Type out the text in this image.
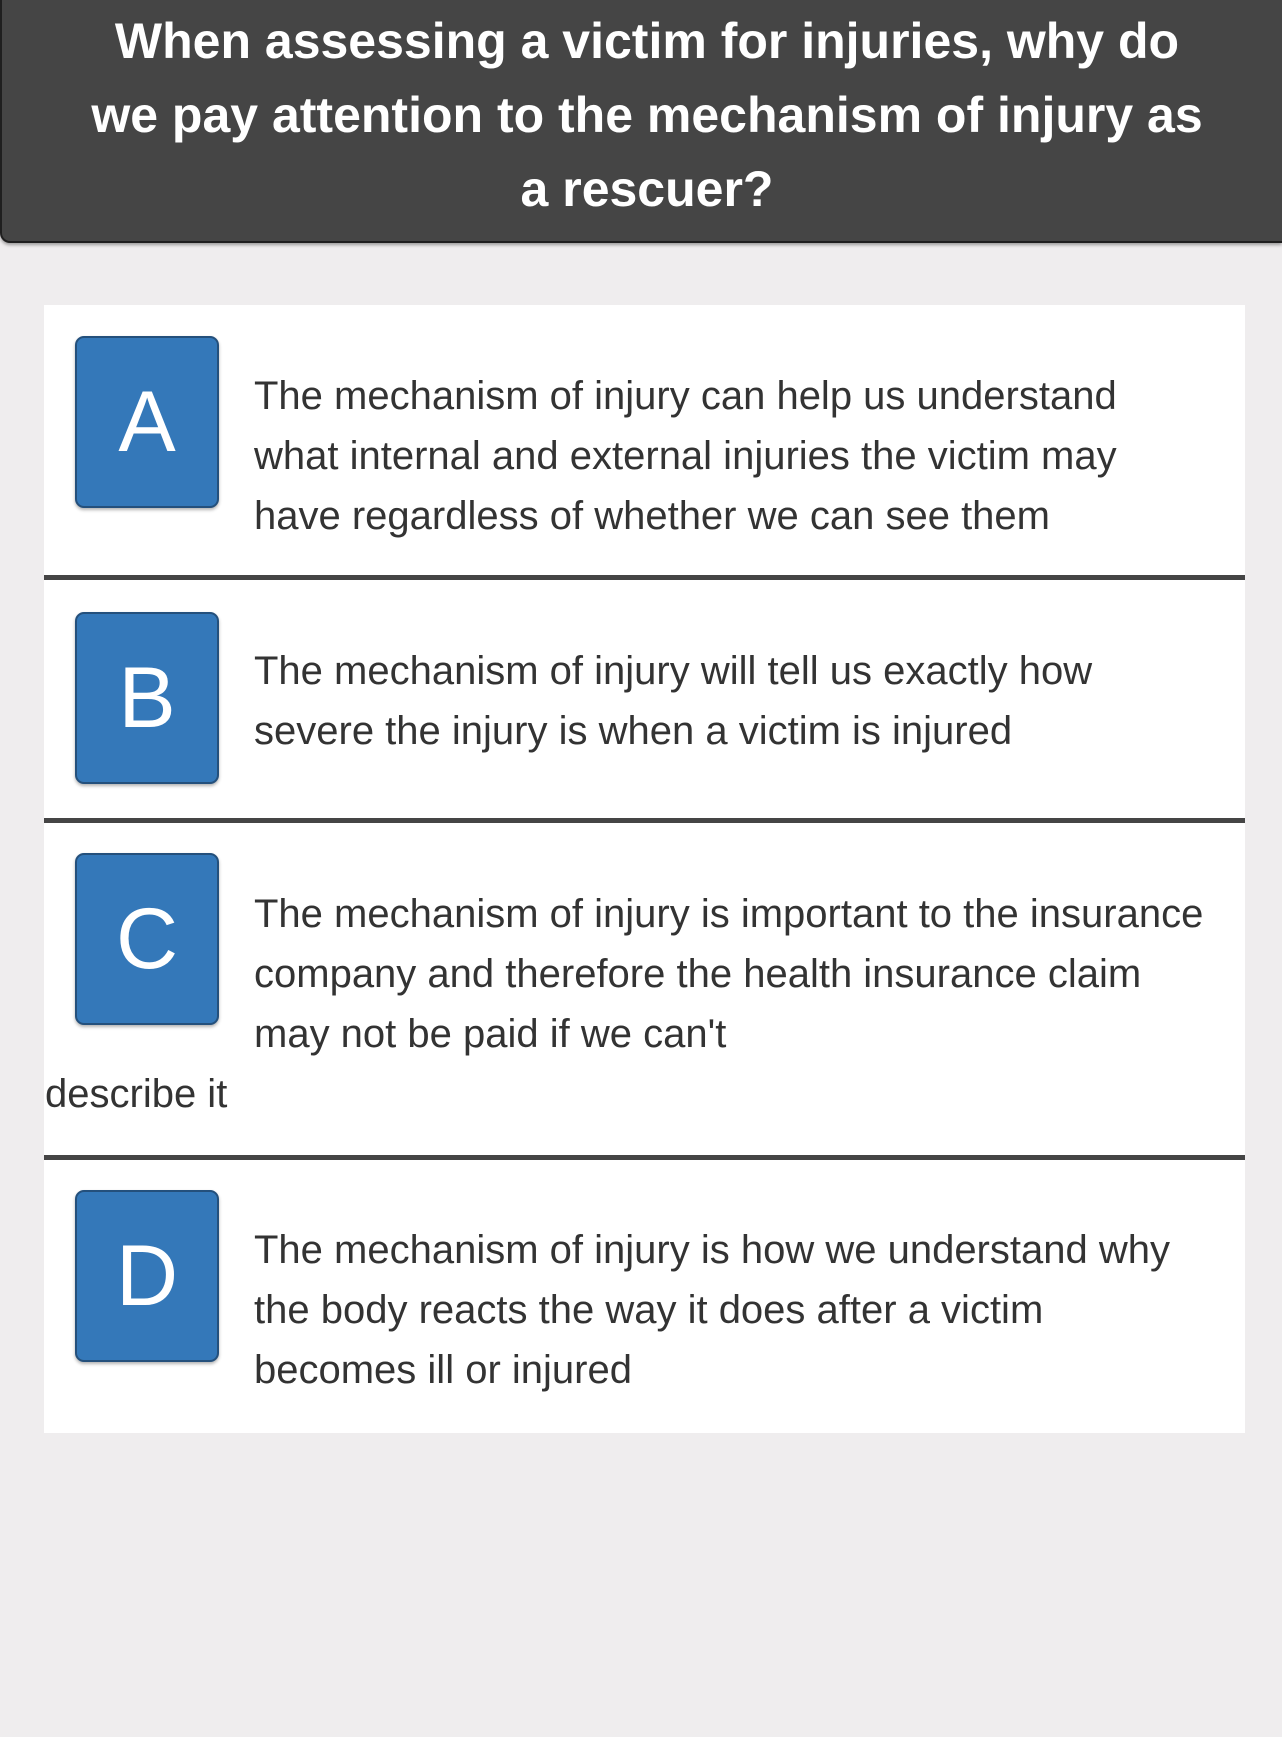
When assessing a victim for injuries, why do we pay attention to the mechanism of injury as a rescuer?

A	The mechanism of injury can help us understand what internal and external injuries the victim may have regardless of whether we can see them

B	The mechanism of injury will tell us exactly how severe the injury is when a victim is injured

C	The mechanism of injury is important to the insurance company and therefore the health insurance claim may not be paid if we can't

describe it

D	The mechanism of injury is how we understand why the body reacts the way it does after a victim becomes ill or injured
